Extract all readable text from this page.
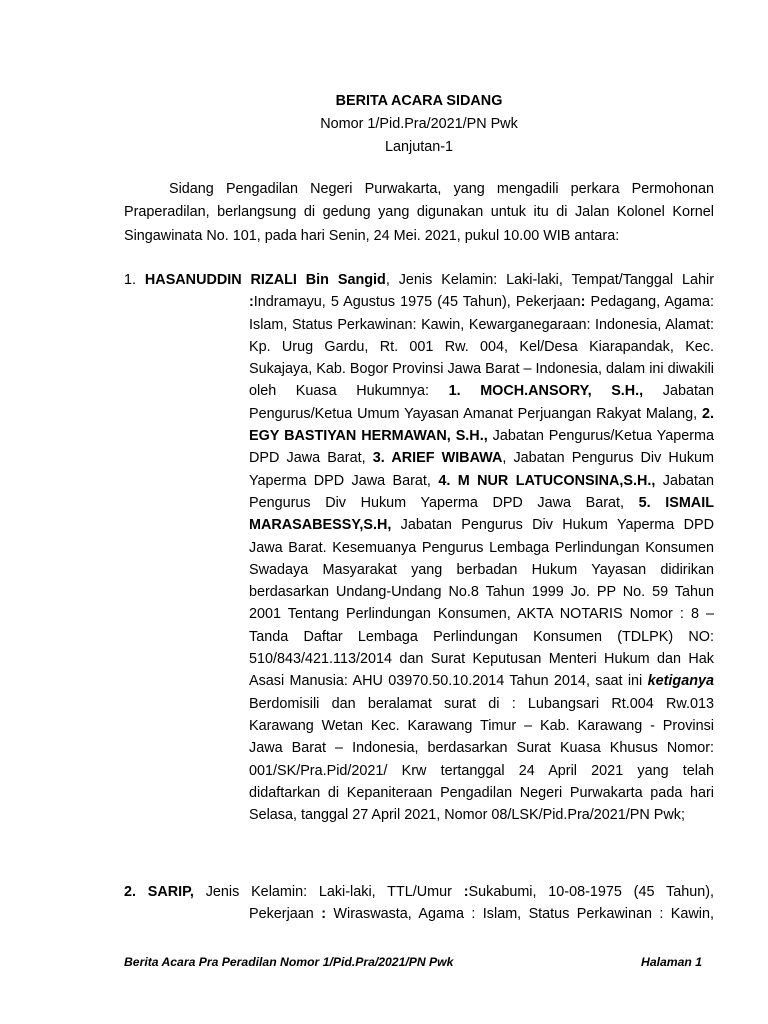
BERITA ACARA SIDANG
Nomor 1/Pid.Pra/2021/PN Pwk
Lanjutan-1

Sidang Pengadilan Negeri Purwakarta, yang mengadili perkara Permohonan Praperadilan, berlangsung di gedung yang digunakan untuk itu di Jalan Kolonel Kornel Singawinata No. 101, pada hari Senin, 24 Mei. 2021, pukul 10.00 WIB antara:

1. HASANUDDIN RIZALI Bin Sangid, Jenis Kelamin: Laki-laki, Tempat/Tanggal Lahir

:Indramayu, 5 Agustus 1975 (45 Tahun), Pekerjaan: Pedagang, Agama: Islam, Status Perkawinan: Kawin, Kewarganegaraan: Indonesia, Alamat: Kp. Urug Gardu, Rt. 001 Rw. 004, Kel/Desa Kiarapandak, Kec. Sukajaya, Kab. Bogor Provinsi Jawa Barat – Indonesia, dalam ini diwakili oleh Kuasa Hukumnya: 1. MOCH.ANSORY, S.H., Jabatan Pengurus/Ketua Umum Yayasan Amanat Perjuangan Rakyat Malang, 2. EGY BASTIYAN HERMAWAN, S.H., Jabatan Pengurus/Ketua Yaperma DPD Jawa Barat, 3. ARIEF WIBAWA, Jabatan Pengurus Div Hukum Yaperma DPD Jawa Barat, 4. M NUR LATUCONSINA,S.H., Jabatan Pengurus Div Hukum Yaperma DPD Jawa Barat, 5. ISMAIL MARASABESSY,S.H, Jabatan Pengurus Div Hukum Yaperma DPD Jawa Barat. Kesemuanya Pengurus Lembaga Perlindungan Konsumen Swadaya Masyarakat yang berbadan Hukum Yayasan didirikan berdasarkan Undang-Undang No.8 Tahun 1999 Jo. PP No. 59 Tahun 2001 Tentang Perlindungan Konsumen, AKTA NOTARIS Nomor : 8 – Tanda Daftar Lembaga Perlindungan Konsumen (TDLPK) NO: 510/843/421.113/2014 dan Surat Keputusan Menteri Hukum dan Hak Asasi Manusia: AHU 03970.50.10.2014 Tahun 2014, saat ini ketiganya Berdomisili dan beralamat surat di : Lubangsari Rt.004 Rw.013 Karawang Wetan Kec. Karawang Timur – Kab. Karawang - Provinsi Jawa Barat – Indonesia, berdasarkan Surat Kuasa Khusus Nomor: 001/SK/Pra.Pid/2021/ Krw tertanggal 24 April 2021 yang telah didaftarkan di Kepaniteraan Pengadilan Negeri Purwakarta pada hari Selasa, tanggal 27 April 2021, Nomor 08/LSK/Pid.Pra/2021/PN Pwk;

2. SARIP, Jenis Kelamin: Laki-laki, TTL/Umur :Sukabumi, 10-08-1975 (45 Tahun),

Pekerjaan : Wiraswasta, Agama : Islam, Status Perkawinan : Kawin,

Berita Acara Pra Peradilan Nomor 1/Pid.Pra/2021/PN Pwk	Halaman 1
